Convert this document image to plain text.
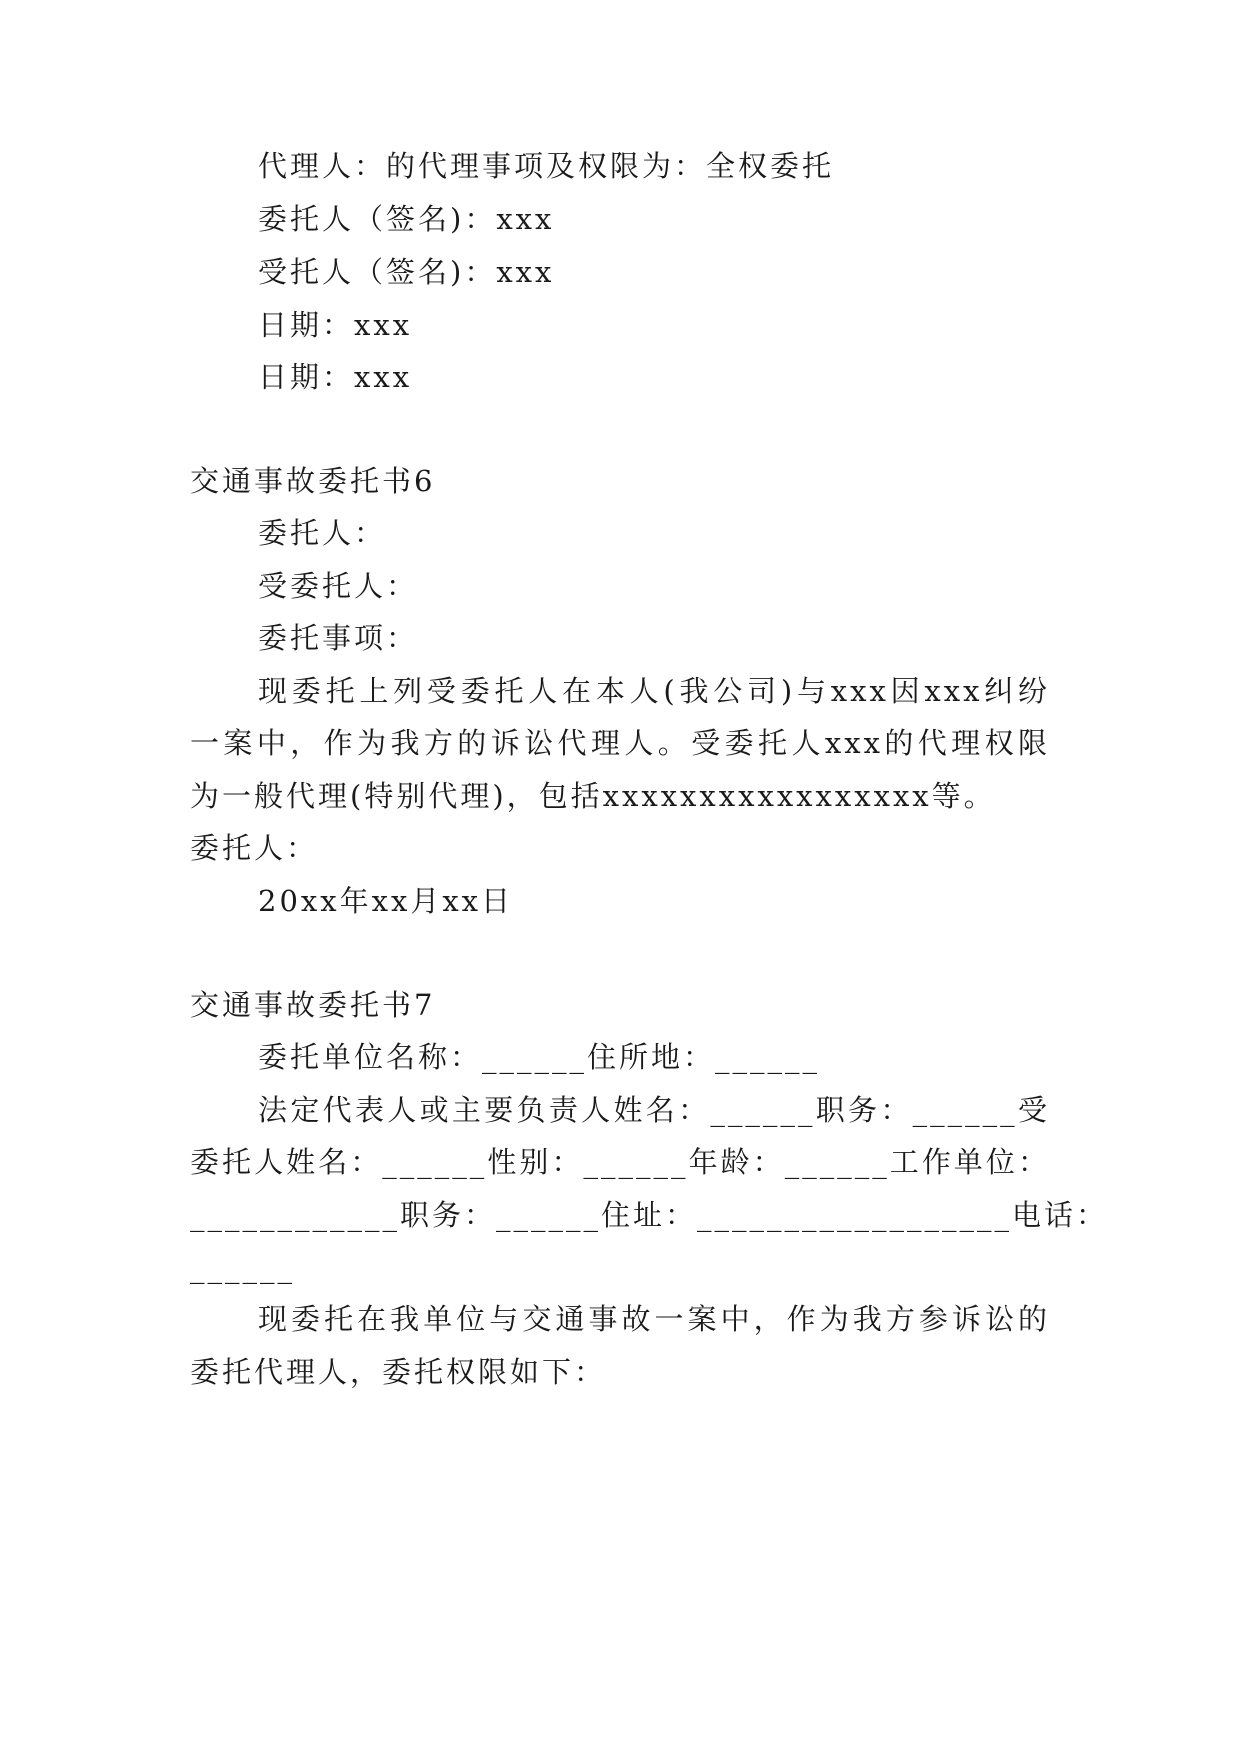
代理人：的代理事项及权限为：全权委托
委托人（签名)：xxx
受托人（签名)：xxx
日期：xxx
日期：xxx
交通事故委托书6
委托人：
受委托人：
委托事项：
现委托上列受委托人在本人(我公司)与xxx因xxx纠纷
一案中，作为我方的诉讼代理人。受委托人xxx的代理权限
为一般代理(特别代理)，包括xxxxxxxxxxxxxxxxx等。
委托人：
20xx年xx月xx日
交通事故委托书7
委托单位名称：______住所地：______
法定代表人或主要负责人姓名：______职务：______受
委托人姓名：______性别：______年龄：______工作单位：
____________职务：______住址：__________________电话：
______
现委托在我单位与交通事故一案中，作为我方参诉讼的
委托代理人，委托权限如下：
